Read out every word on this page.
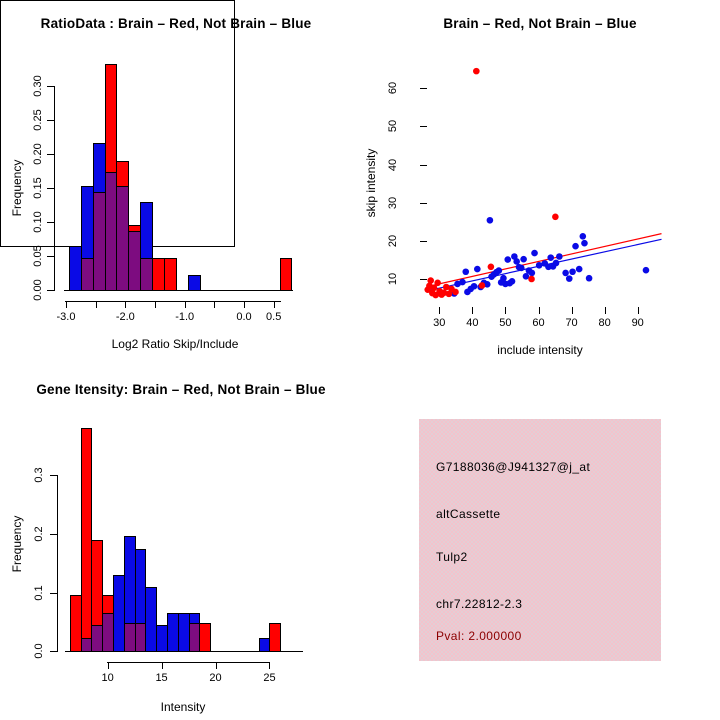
0.00
0.05
0.10
0.15
0.20
0.25
0.30
-3.0	-2.0	-1.0	0.0 0.5
0.0
0.1
0.2
0.3
10	15	20	25
30 40 50 60 70 80 90
10
20
30
40
50
60
RatioData : Brain – Red, Not Brain – Blue	Brain – Red, Not Brain – Blue
Gene Itensity: Brain – Red, Not Brain – Blue
Log2 Ratio Skip/Include	include intensity
Intensity
Frequency	skip intensity
Frequency
G7188036@J941327@j_at
altCassette
Tulp2
chr7.22812-2.3
Pval: 2.000000
